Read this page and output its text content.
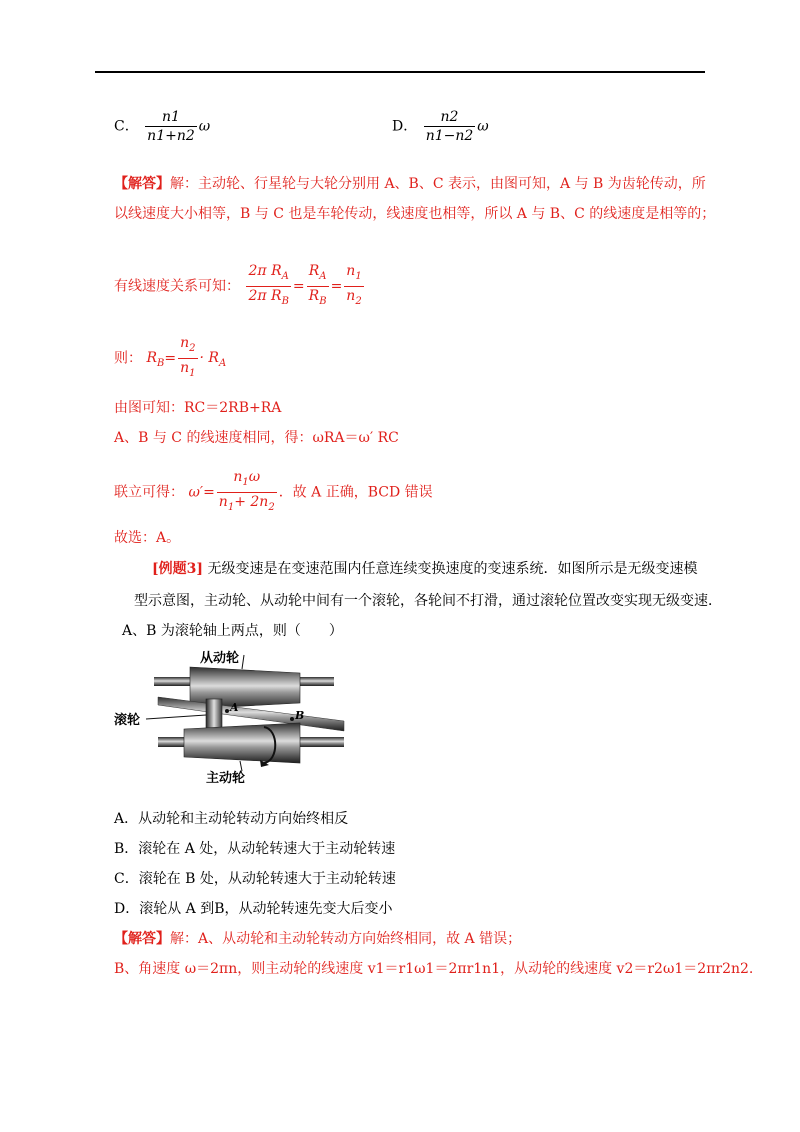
C． $\frac{n1}{n1+n2}$ ω	D． $\frac{n2}{n1-n2}$ ω
【解答】解：主动轮、行星轮与大轮分别用 A、B、C 表示，由图可知，A 与 B 为齿轮传动，所
以线速度大小相等，B 与 C 也是车轮传动，线速度也相等，所以 A 与 B、C 的线速度是相等的；
有线速度关系可知： $\frac{2\pi R_A}{2\pi R_B} = \frac{R_A}{R_B} = \frac{n_1}{n_2}$
则： $R_B= \frac{n_2}{n_1} \cdot R_A$
由图可知：RC＝2RB+RA
A、B 与 C 的线速度相同，得：ωRA＝ω′ RC
联立可得： $\omega'= \frac{n_1\omega}{n_1+ 2n_2}$ ．故 A 正确，BCD 错误
故选：A。
[例题3] 无级变速是在变速范围内任意连续变换速度的变速系统．如图所示是无级变速模
型示意图，主动轮、从动轮中间有一个滚轮，各轮间不打滑，通过滚轮位置改变实现无级变速．
A、B 为滚轮轴上两点，则（　　）
从动轮
滚轮
主动轮
A
B
A．从动轮和主动轮转动方向始终相反
B．滚轮在 A 处，从动轮转速大于主动轮转速
C．滚轮在 B 处，从动轮转速大于主动轮转速
D．滚轮从 A 到B，从动轮转速先变大后变小
【解答】解：A、从动轮和主动轮转动方向始终相同，故 A 错误；
B、角速度 ω＝2πn，则主动轮的线速度 v1＝r1ω1＝2πr1n1，从动轮的线速度 v2＝r2ω1＝2πr2n2.
